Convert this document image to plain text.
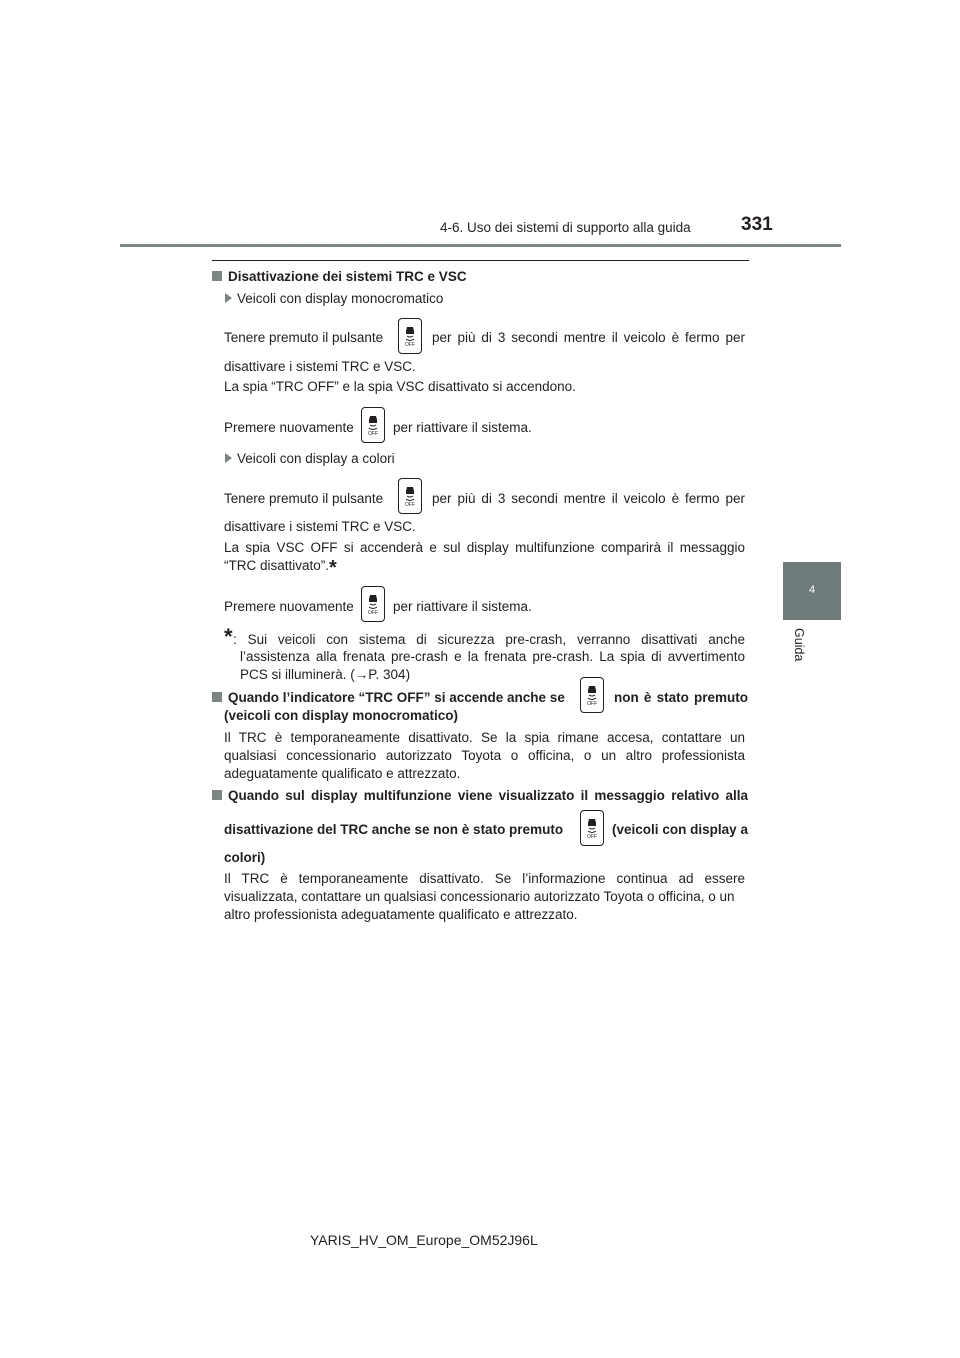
4-6. Uso dei sistemi di supporto alla guida	331
4
Guida
Disattivazione dei sistemi TRC e VSC
Veicoli con display monocromatico
Tenere premuto il pulsante	OFF per più di 3 secondi mentre il veicolo è fermo per
disattivare i sistemi TRC e VSC.
La spia “TRC OFF” e la spia VSC disattivato si accendono.
Premere nuovamente	OFF per riattivare il sistema.
Veicoli con display a colori
Tenere premuto il pulsante	OFF per più di 3 secondi mentre il veicolo è fermo per
disattivare i sistemi TRC e VSC.
La spia VSC OFF si accenderà e sul display multifunzione comparirà il messaggio
“TRC disattivato”.*
Premere nuovamente	OFF per riattivare il sistema.
* : Sui veicoli con sistema di sicurezza pre-crash, verranno disattivati anche
l’assistenza alla frenata pre-crash e la frenata pre-crash. La spia di avvertimento
PCS si illuminerà. (→P. 304)
Quando l’indicatore “TRC OFF” si accende anche se	OFF non è stato premuto
(veicoli con display monocromatico)
Il TRC è temporaneamente disattivato. Se la spia rimane accesa, contattare un
qualsiasi concessionario autorizzato Toyota o officina, o un altro professionista
adeguatamente qualificato e attrezzato.
Quando sul display multifunzione viene visualizzato il messaggio relativo alla
disattivazione del TRC anche se non è stato premuto	OFF (veicoli con display a
colori)
Il TRC è temporaneamente disattivato. Se l’informazione continua ad essere
visualizzata, contattare un qualsiasi concessionario autorizzato Toyota o officina, o un
altro professionista adeguatamente qualificato e attrezzato.
YARIS_HV_OM_Europe_OM52J96L
